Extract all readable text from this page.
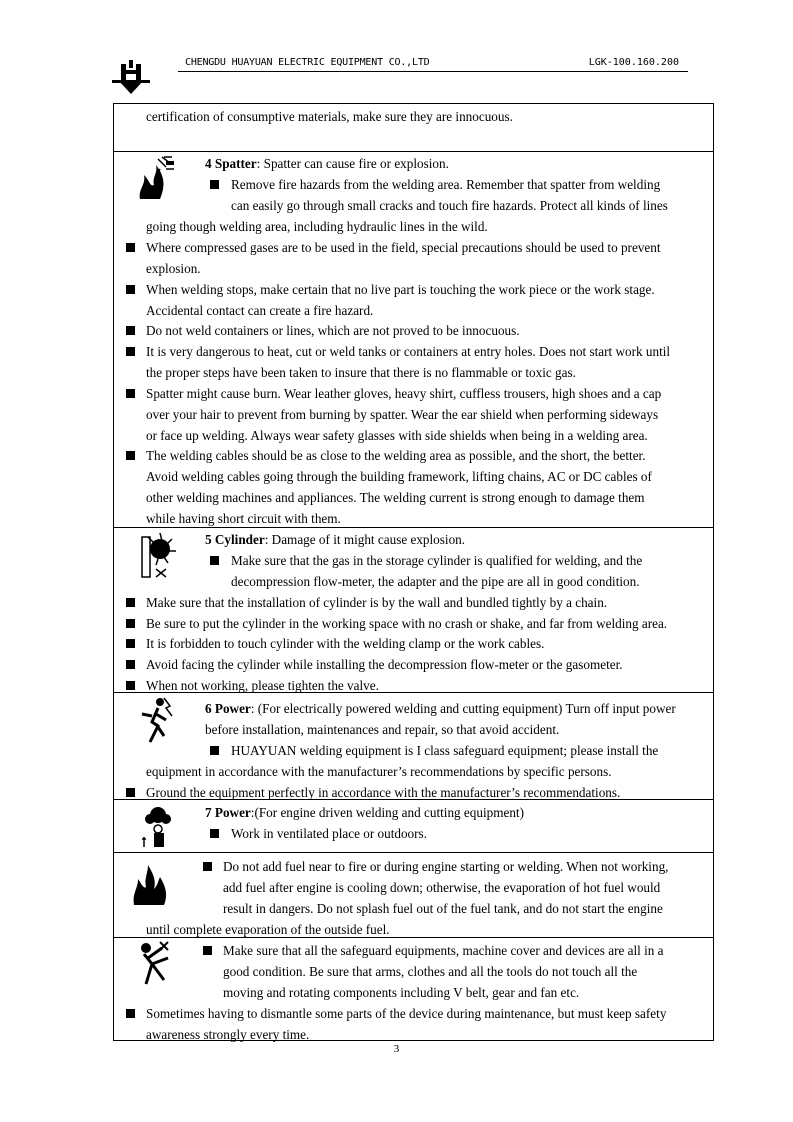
CHENGDU HUAYUAN ELECTRIC EQUIPMENT CO.,LTD	LGK-100.160.200
certification of consumptive materials, make sure they are innocuous.
4 Spatter: Spatter can cause fire or explosion.
Remove fire hazards from the welding area. Remember that spatter from welding
can easily go through small cracks and touch fire hazards. Protect all kinds of lines
going though welding area, including hydraulic lines in the wild.
Where compressed gases are to be used in the field, special precautions should be used to prevent
explosion.
When welding stops, make certain that no live part is touching the work piece or the work stage.
Accidental contact can create a fire hazard.
Do not weld containers or lines, which are not proved to be innocuous.
It is very dangerous to heat, cut or weld tanks or containers at entry holes. Does not start work until
the proper steps have been taken to insure that there is no flammable or toxic gas.
Spatter might cause burn. Wear leather gloves, heavy shirt, cuffless trousers, high shoes and a cap
over your hair to prevent from burning by spatter. Wear the ear shield when performing sideways
or face up welding. Always wear safety glasses with side shields when being in a welding area.
The welding cables should be as close to the welding area as possible, and the short, the better.
Avoid welding cables going through the building framework, lifting chains, AC or DC cables of
other welding machines and appliances. The welding current is strong enough to damage them
while having short circuit with them.
5 Cylinder: Damage of it might cause explosion.
Make sure that the gas in the storage cylinder is qualified for welding, and the
decompression flow-meter, the adapter and the pipe are all in good condition.
Make sure that the installation of cylinder is by the wall and bundled tightly by a chain.
Be sure to put the cylinder in the working space with no crash or shake, and far from welding area.
It is forbidden to touch cylinder with the welding clamp or the work cables.
Avoid facing the cylinder while installing the decompression flow-meter or the gasometer.
When not working, please tighten the valve.
6 Power: (For electrically powered welding and cutting equipment) Turn off input power
before installation, maintenances and repair, so that avoid accident.
HUAYUAN welding equipment is I class safeguard equipment; please install the
equipment in accordance with the manufacturer’s recommendations by specific persons.
Ground the equipment perfectly in accordance with the manufacturer’s recommendations.
7 Power:(For engine driven welding and cutting equipment)
Work in ventilated place or outdoors.
Do not add fuel near to fire or during engine starting or welding. When not working,
add fuel after engine is cooling down; otherwise, the evaporation of hot fuel would
result in dangers. Do not splash fuel out of the fuel tank, and do not start the engine
until complete evaporation of the outside fuel.
Make sure that all the safeguard equipments, machine cover and devices are all in a
good condition. Be sure that arms, clothes and all the tools do not touch all the
moving and rotating components including V belt, gear and fan etc.
Sometimes having to dismantle some parts of the device during maintenance, but must keep safety
awareness strongly every time.
3
